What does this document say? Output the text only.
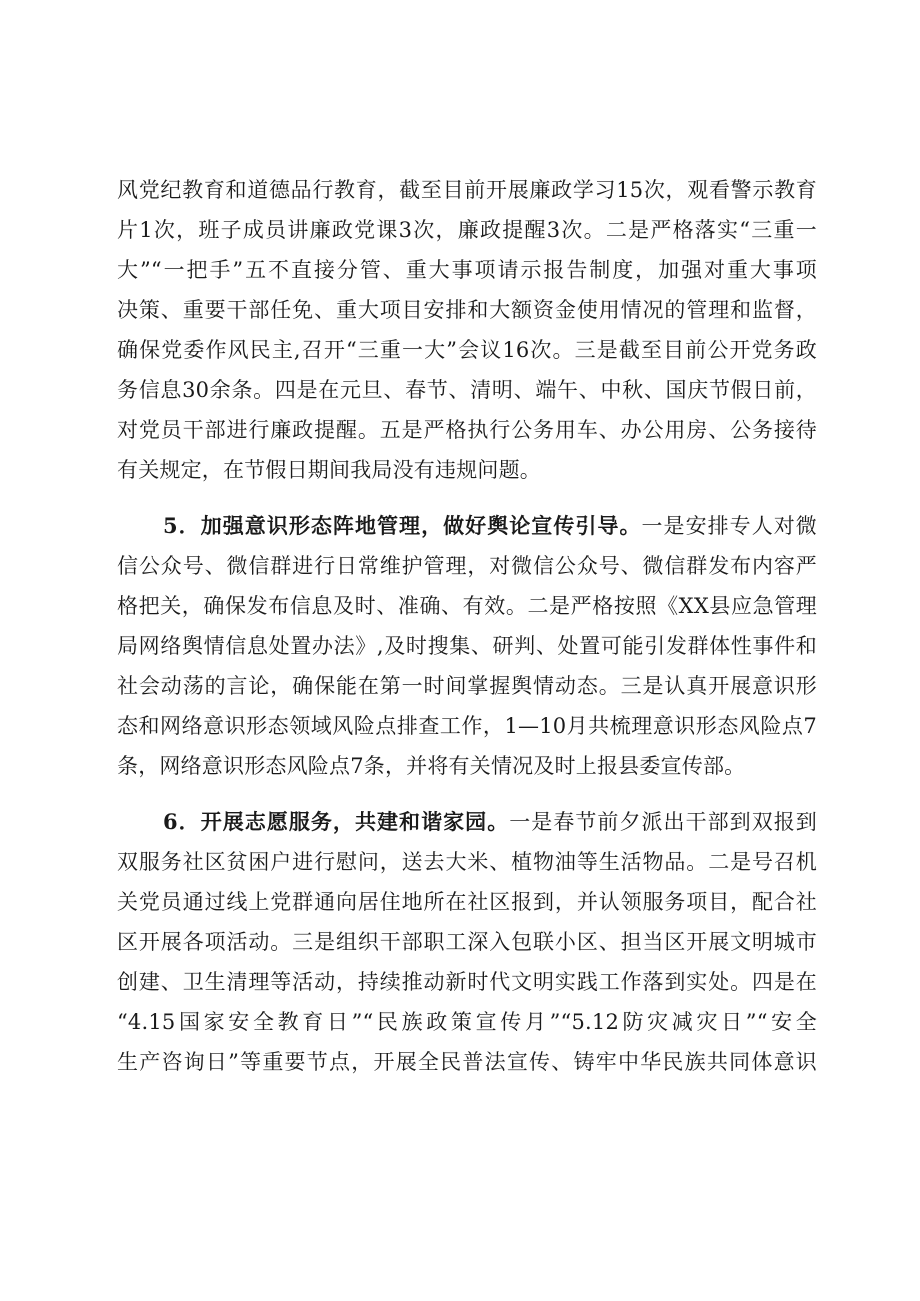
风党纪教育和道德品行教育，截至目前开展廉政学习15次，观看警示教育
片1次，班子成员讲廉政党课3次，廉政提醒3次。二是严格落实“三重一
大”“一把手”五不直接分管、重大事项请示报告制度，加强对重大事项
决策、重要干部任免、重大项目安排和大额资金使用情况的管理和监督，
确保党委作风民主,召开“三重一大”会议16次。三是截至目前公开党务政
务信息30余条。四是在元旦、春节、清明、端午、中秋、国庆节假日前，
对党员干部进行廉政提醒。五是严格执行公务用车、办公用房、公务接待
有关规定，在节假日期间我局没有违规问题。
5．加强意识形态阵地管理，做好舆论宣传引导。一是安排专人对微
信公众号、微信群进行日常维护管理，对微信公众号、微信群发布内容严
格把关，确保发布信息及时、准确、有效。二是严格按照《XX县应急管理
局网络舆情信息处置办法》,及时搜集、研判、处置可能引发群体性事件和
社会动荡的言论，确保能在第一时间掌握舆情动态。三是认真开展意识形
态和网络意识形态领域风险点排查工作，1—10月共梳理意识形态风险点7
条，网络意识形态风险点7条，并将有关情况及时上报县委宣传部。
6．开展志愿服务，共建和谐家园。一是春节前夕派出干部到双报到
双服务社区贫困户进行慰问，送去大米、植物油等生活物品。二是号召机
关党员通过线上党群通向居住地所在社区报到，并认领服务项目，配合社
区开展各项活动。三是组织干部职工深入包联小区、担当区开展文明城市
创建、卫生清理等活动，持续推动新时代文明实践工作落到实处。四是在
“4.15国家安全教育日”“民族政策宣传月”“5.12防灾减灾日”“安全
生产咨询日”等重要节点，开展全民普法宣传、铸牢中华民族共同体意识
